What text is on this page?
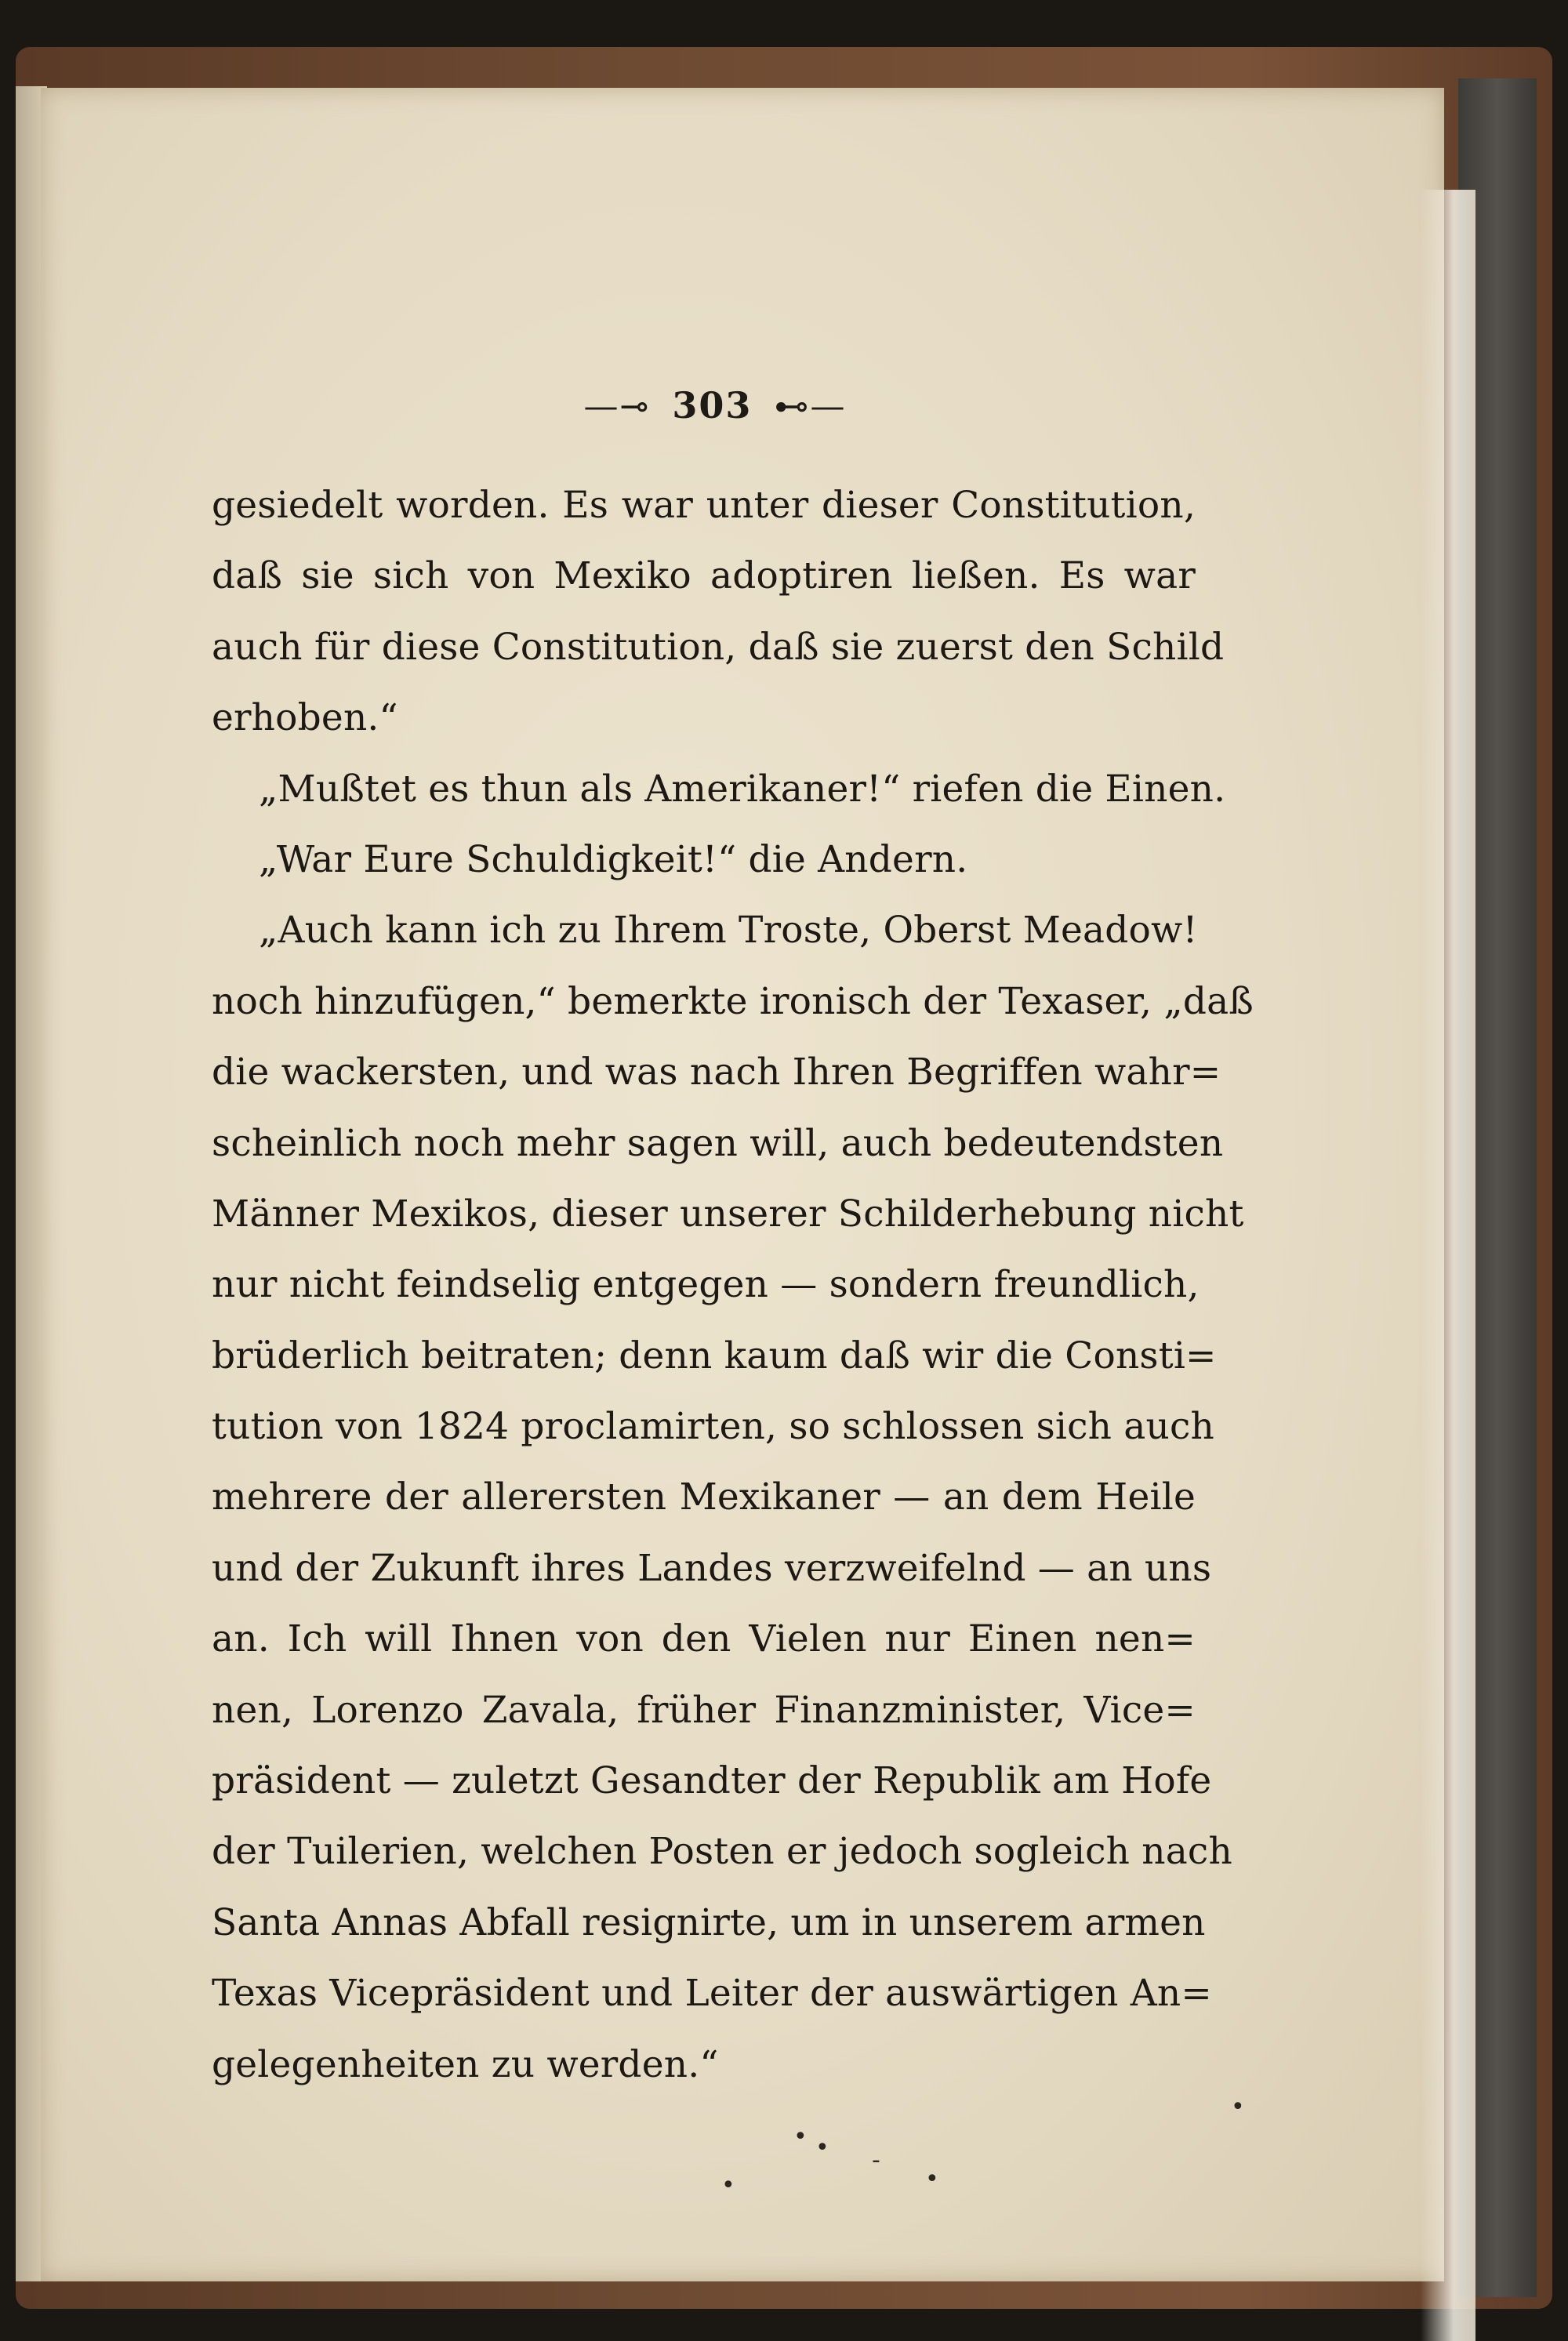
—⊸ 303 ⊷—
gesiedelt worden. Es war unter dieser Constitution,
daß sie sich von Mexiko adoptiren ließen. Es war
auch für diese Constitution, daß sie zuerst den Schild
erhoben.“
„Mußtet es thun als Amerikaner!“ riefen die Einen.
„War Eure Schuldigkeit!“ die Andern.
„Auch kann ich zu Ihrem Troste, Oberst Meadow!
noch hinzufügen,“ bemerkte ironisch der Texaser, „daß
die wackersten, und was nach Ihren Begriffen wahr=
scheinlich noch mehr sagen will, auch bedeutendsten
Männer Mexikos, dieser unserer Schilderhebung nicht
nur nicht feindselig entgegen — sondern freundlich,
brüderlich beitraten; denn kaum daß wir die Consti=
tution von 1824 proclamirten, so schlossen sich auch
mehrere der allerersten Mexikaner — an dem Heile
und der Zukunft ihres Landes verzweifelnd — an uns
an. Ich will Ihnen von den Vielen nur Einen nen=
nen, Lorenzo Zavala, früher Finanzminister, Vice=
präsident — zuletzt Gesandter der Republik am Hofe
der Tuilerien, welchen Posten er jedoch sogleich nach
Santa Annas Abfall resignirte, um in unserem armen
Texas Vicepräsident und Leiter der auswärtigen An=
gelegenheiten zu werden.“
• • -
•
•
•
